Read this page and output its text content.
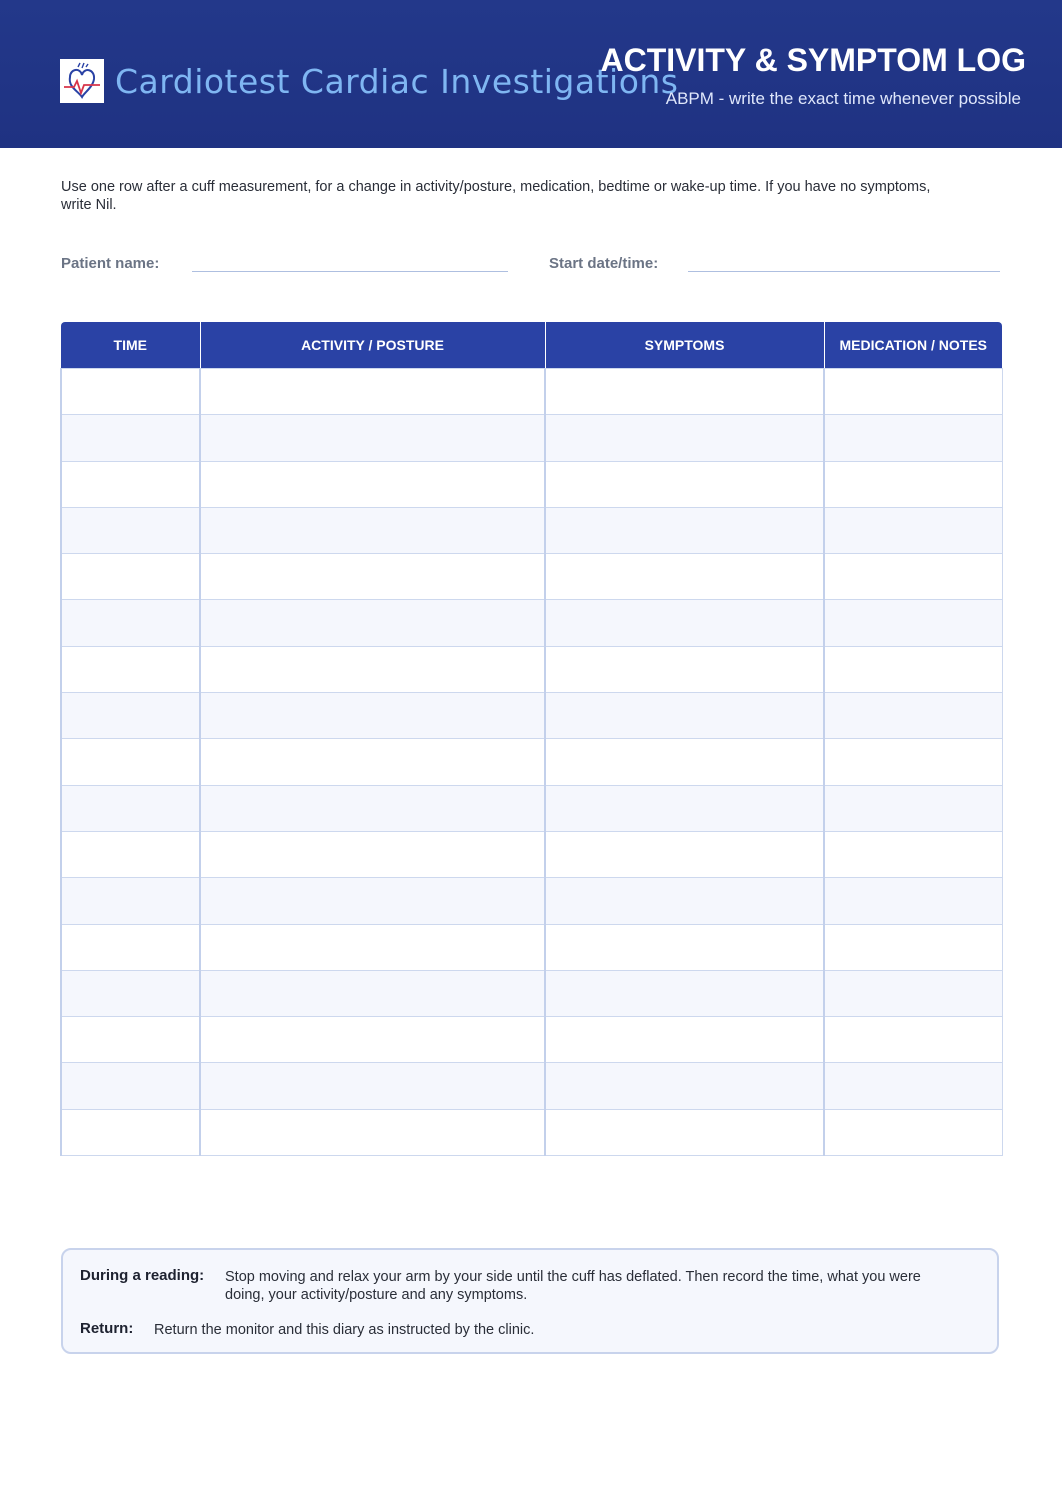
Cardiotest Cardiac Investigations
ACTIVITY & SYMPTOM LOG
ABPM - write the exact time whenever possible
Use one row after a cuff measurement, for a change in activity/posture, medication, bedtime or wake-up time. If you have no symptoms, write Nil.
Patient name:	Start date/time:
TIME	ACTIVITY / POSTURE	SYMPTOMS	MEDICATION / NOTES

During a reading: Stop moving and relax your arm by your side until the cuff has deflated. Then record the time, what you were doing, your activity/posture and any symptoms.
Return: Return the monitor and this diary as instructed by the clinic.
